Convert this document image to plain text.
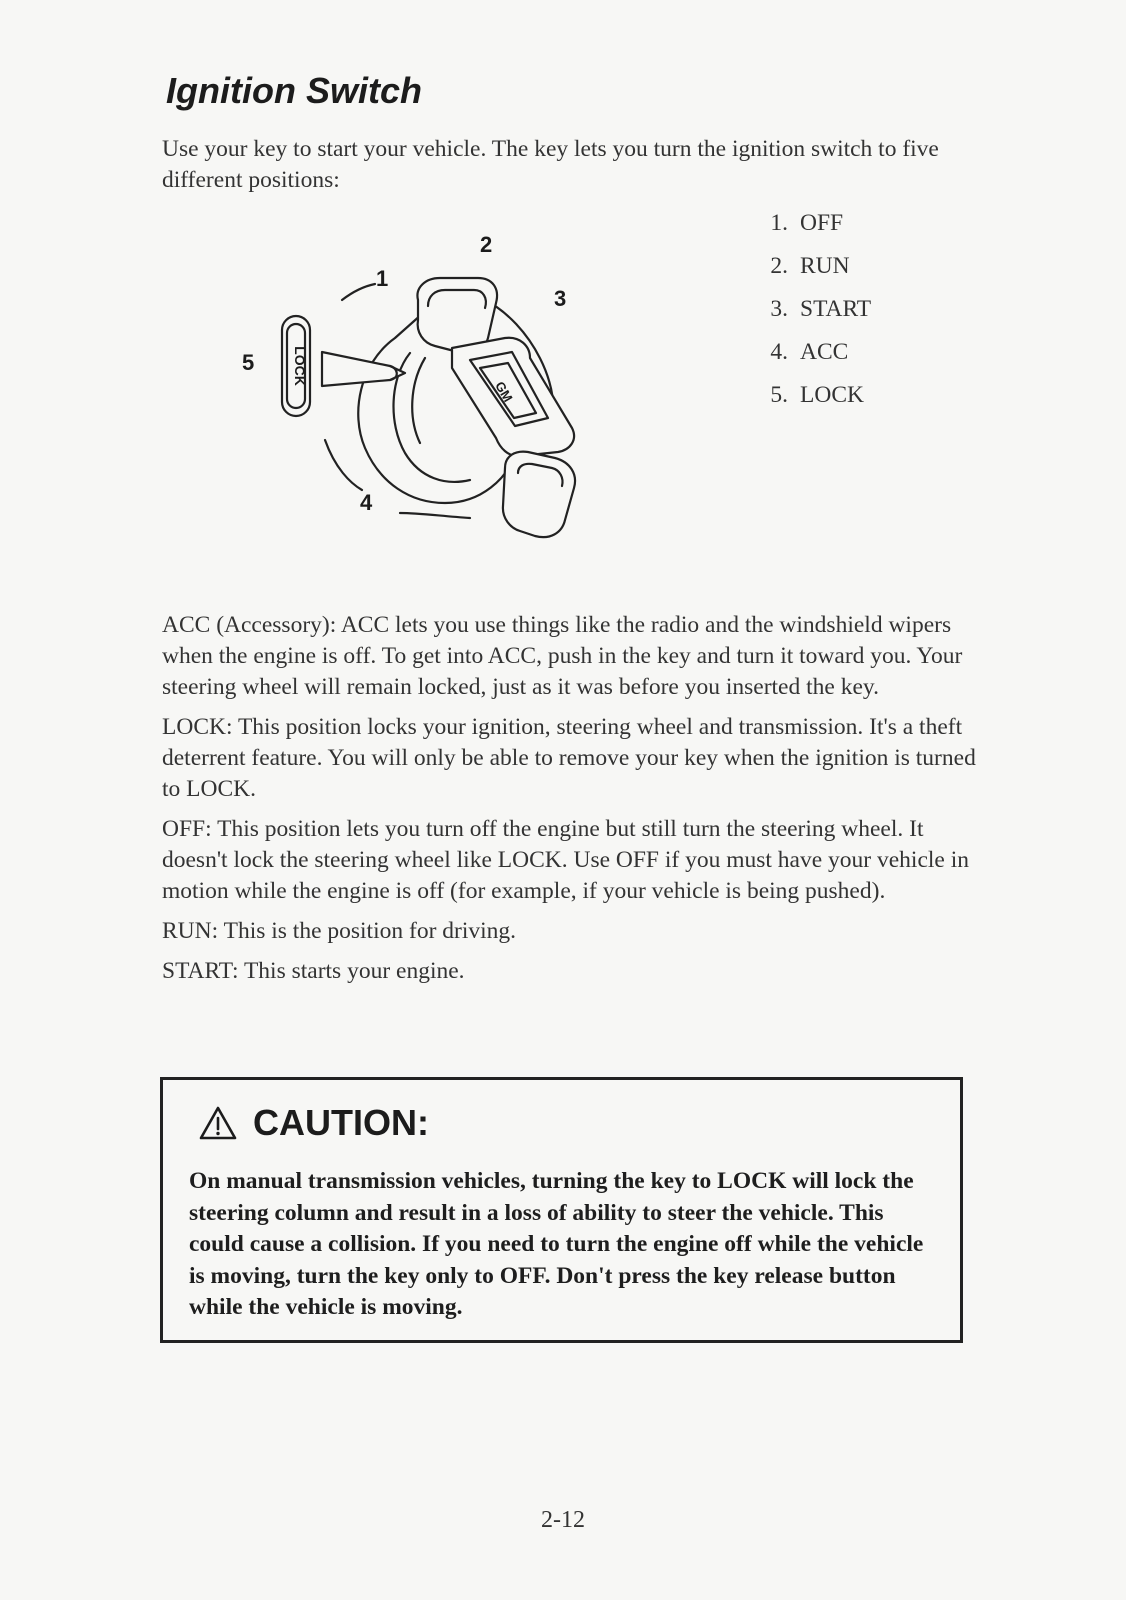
Ignition Switch
Use your key to start your vehicle. The key lets you turn the ignition switch to five different positions:
1. OFF
2. RUN
3. START
4. ACC
5. LOCK
LOCK
GM
1
2
3
4
5

ACC (Accessory): ACC lets you use things like the radio and the windshield wipers when the engine is off. To get into ACC, push in the key and turn it toward you. Your steering wheel will remain locked, just as it was before you inserted the key.

LOCK: This position locks your ignition, steering wheel and transmission. It's a theft deterrent feature. You will only be able to remove your key when the ignition is turned to LOCK.

OFF: This position lets you turn off the engine but still turn the steering wheel. It doesn't lock the steering wheel like LOCK. Use OFF if you must have your vehicle in motion while the engine is off (for example, if your vehicle is being pushed).

RUN: This is the position for driving.

START: This starts your engine.

CAUTION:
On manual transmission vehicles, turning the key to LOCK will lock the steering column and result in a loss of ability to steer the vehicle. This could cause a collision. If you need to turn the engine off while the vehicle is moving, turn the key only to OFF. Don't press the key release button while the vehicle is moving.
2-12
